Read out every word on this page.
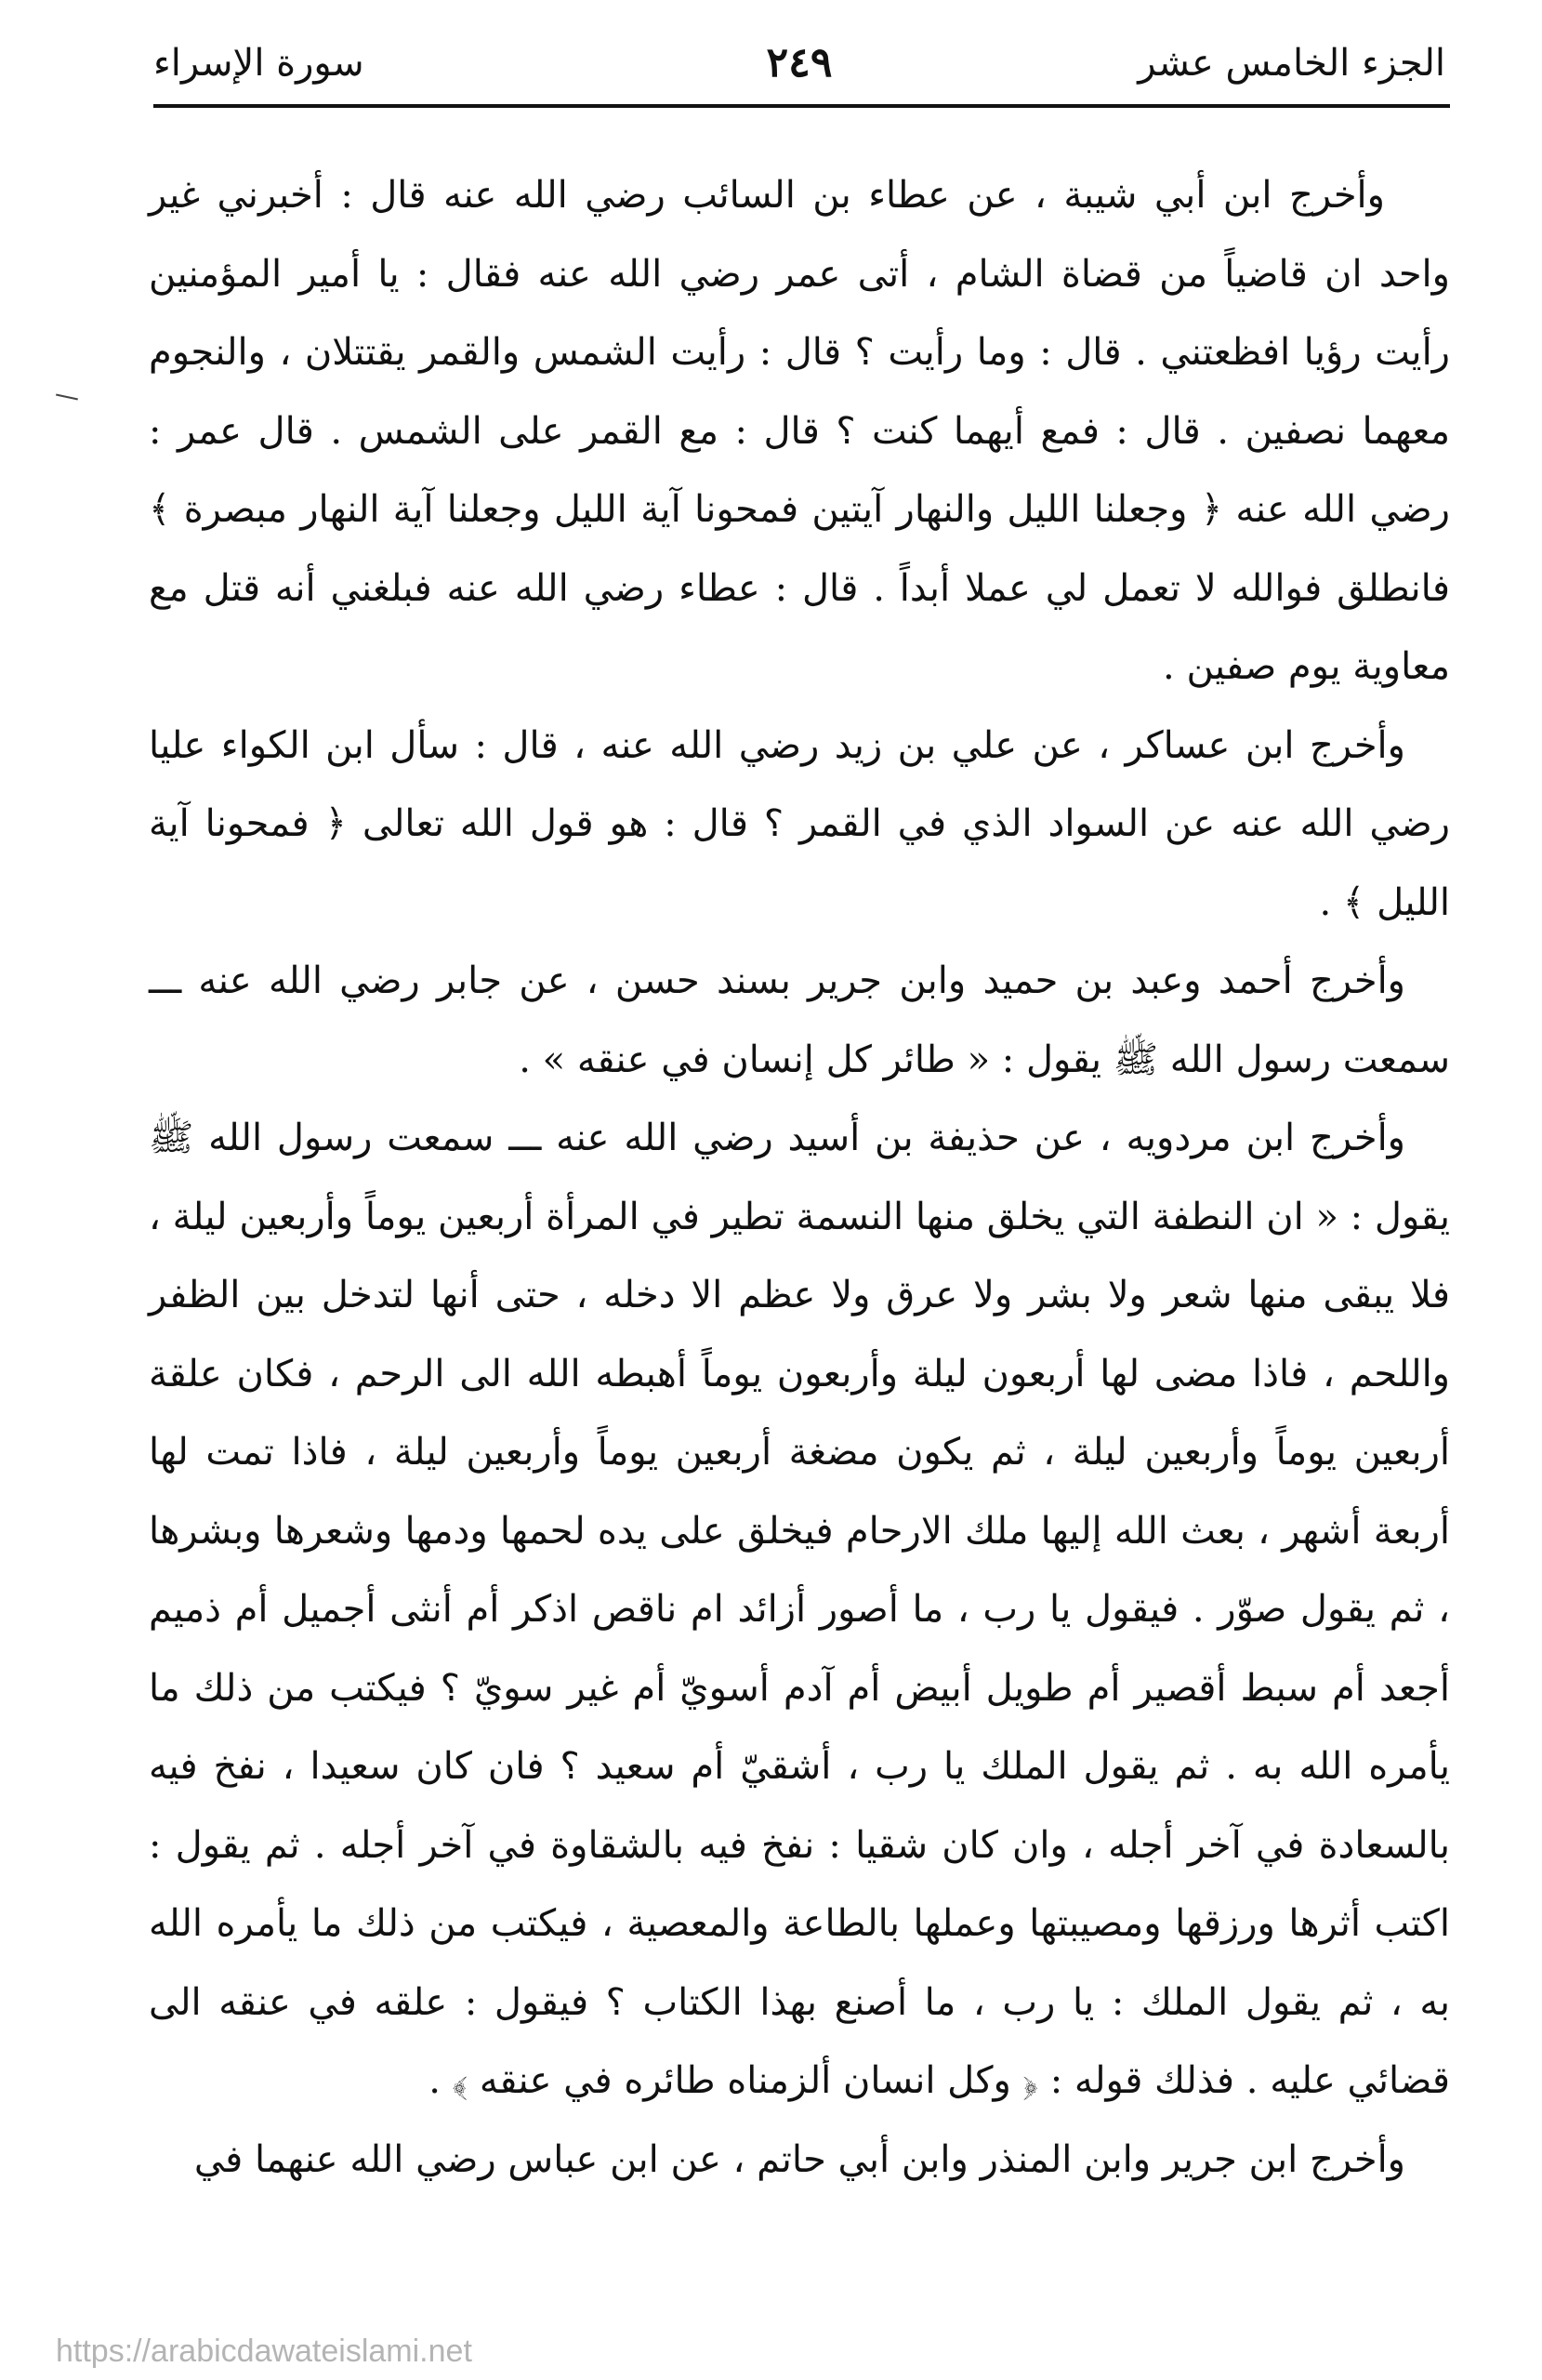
الجزء الخامس عشر
٢٤٩
سورة الإسراء

وأخرج ابن أبي شيبة ، عن عطاء بن السائب رضي الله عنه قال : أخبرني غير واحد ان قاضياً من قضاة الشام ، أتى عمر رضي الله عنه فقال : يا أمير المؤمنين رأيت رؤيا افظعتني . قال : وما رأيت ؟ قال : رأيت الشمس والقمر يقتتلان ، والنجوم معهما نصفين . قال : فمع أيهما كنت ؟ قال : مع القمر على الشمس . قال عمر : رضي الله عنه ﴿ وجعلنا الليل والنهار آيتين فمحونا آية الليل وجعلنا آية النهار مبصرة ﴾ فانطلق فوالله لا تعمل لي عملا أبداً . قال : عطاء رضي الله عنه فبلغني أنه قتل مع معاوية يوم صفين .

وأخرج ابن عساكر ، عن علي بن زيد رضي الله عنه ، قال : سأل ابن الكواء عليا رضي الله عنه عن السواد الذي في القمر ؟ قال : هو قول الله تعالى ﴿ فمحونا آية الليل ﴾ .

وأخرج أحمد وعبد بن حميد وابن جرير بسند حسن ، عن جابر رضي الله عنه ـــ سمعت رسول الله ﷺ يقول : « طائر كل إنسان في عنقه » .

وأخرج ابن مردويه ، عن حذيفة بن أسيد رضي الله عنه ـــ سمعت رسول الله ﷺ يقول : « ان النطفة التي يخلق منها النسمة تطير في المرأة أربعين يوماً وأربعين ليلة ، فلا يبقى منها شعر ولا بشر ولا عرق ولا عظم الا دخله ، حتى أنها لتدخل بين الظفر واللحم ، فاذا مضى لها أربعون ليلة وأربعون يوماً أهبطه الله الى الرحم ، فكان علقة أربعين يوماً وأربعين ليلة ، ثم يكون مضغة أربعين يوماً وأربعين ليلة ، فاذا تمت لها أربعة أشهر ، بعث الله إليها ملك الارحام فيخلق على يده لحمها ودمها وشعرها وبشرها ، ثم يقول صوّر . فيقول يا رب ، ما أصور أزائد ام ناقص اذكر أم أنثى أجميل أم ذميم أجعد أم سبط أقصير أم طويل أبيض أم آدم أسويّ أم غير سويّ ؟ فيكتب من ذلك ما يأمره الله به . ثم يقول الملك يا رب ، أشقيّ أم سعيد ؟ فان كان سعيدا ، نفخ فيه بالسعادة في آخر أجله ، وان كان شقيا : نفخ فيه بالشقاوة في آخر أجله . ثم يقول : اكتب أثرها ورزقها ومصيبتها وعملها بالطاعة والمعصية ، فيكتب من ذلك ما يأمره الله به ، ثم يقول الملك : يا رب ، ما أصنع بهذا الكتاب ؟ فيقول : علقه في عنقه الى قضائي عليه . فذلك قوله : ﴿ وكل انسان ألزمناه طائره في عنقه ﴾ .

وأخرج ابن جرير وابن المنذر وابن أبي حاتم ، عن ابن عباس رضي الله عنهما في

https://arabicdawateislami.net
